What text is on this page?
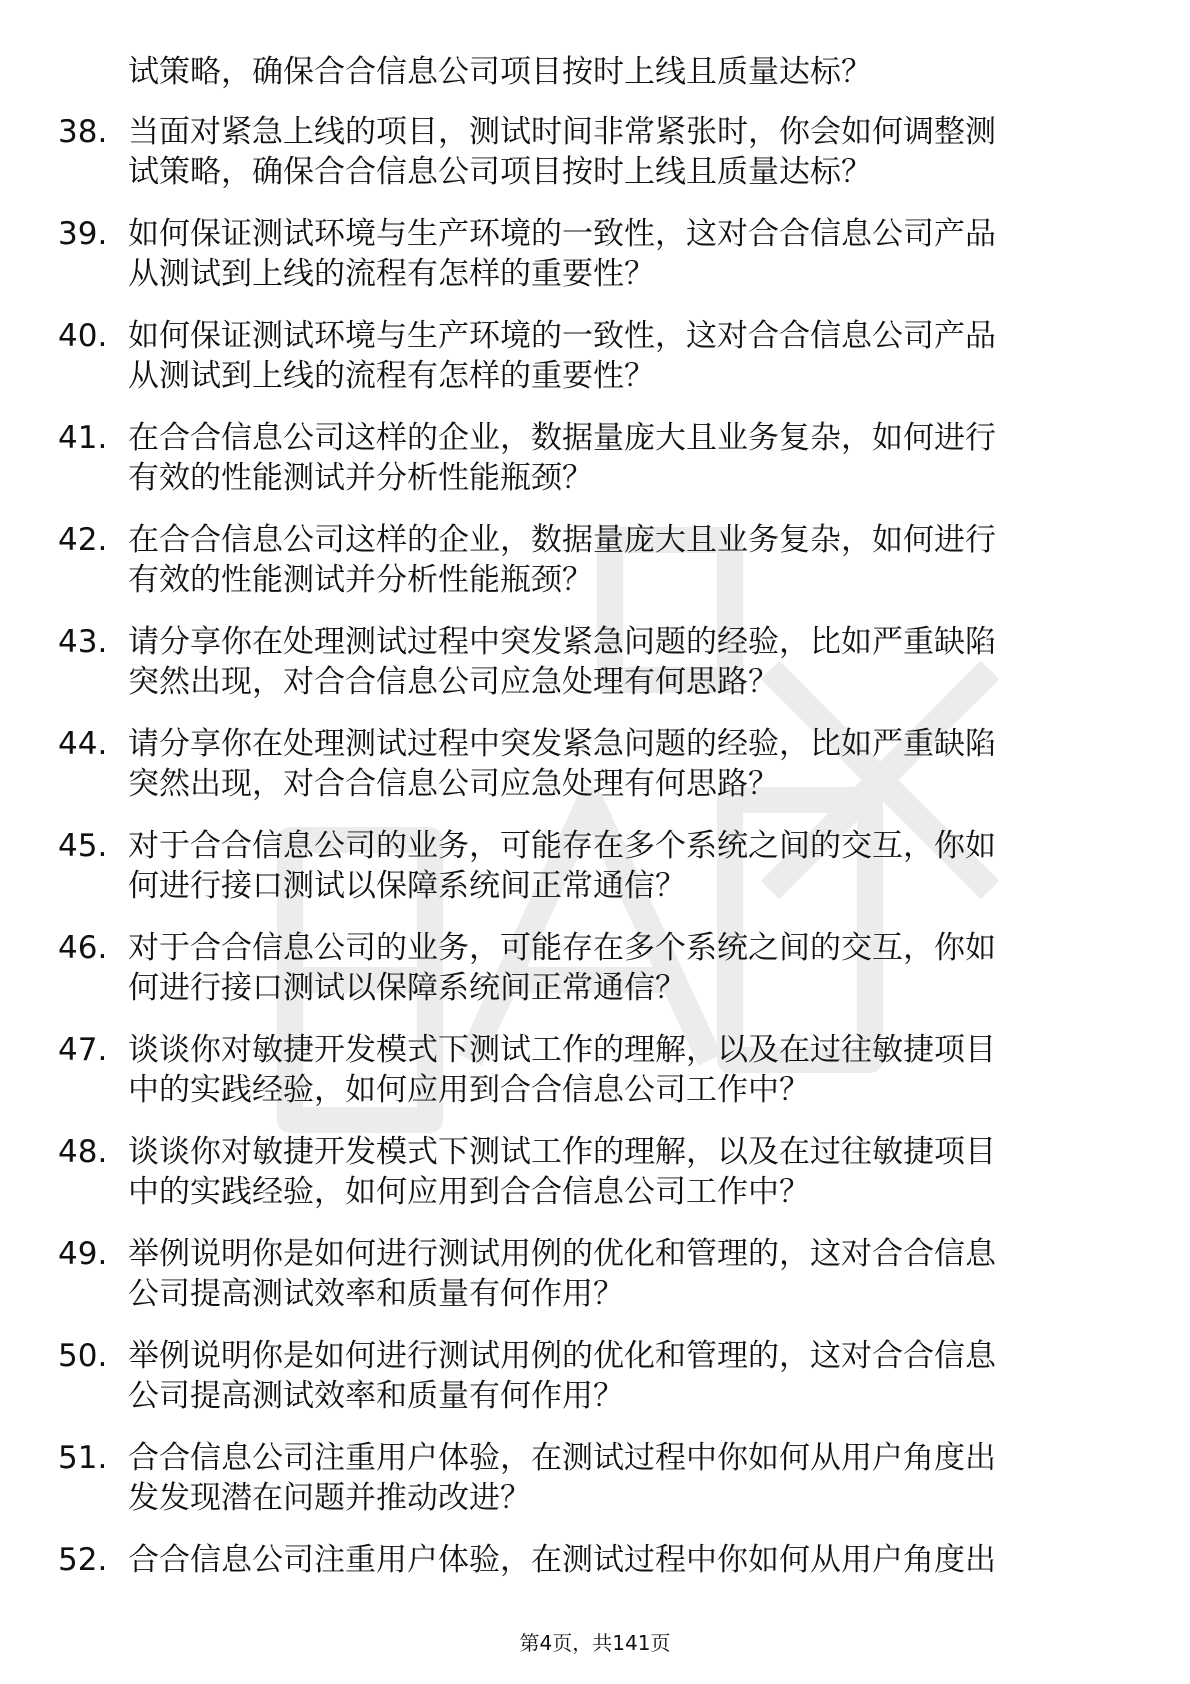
试策略，确保合合信息公司项目按时上线且质量达标？
38. 当面对紧急上线的项目，测试时间非常紧张时，你会如何调整测
试策略，确保合合信息公司项目按时上线且质量达标？
39. 如何保证测试环境与生产环境的一致性，这对合合信息公司产品
从测试到上线的流程有怎样的重要性？
40. 如何保证测试环境与生产环境的一致性，这对合合信息公司产品
从测试到上线的流程有怎样的重要性？
41. 在合合信息公司这样的企业，数据量庞大且业务复杂，如何进行
有效的性能测试并分析性能瓶颈？
42. 在合合信息公司这样的企业，数据量庞大且业务复杂，如何进行
有效的性能测试并分析性能瓶颈？
43. 请分享你在处理测试过程中突发紧急问题的经验，比如严重缺陷
突然出现，对合合信息公司应急处理有何思路？
44. 请分享你在处理测试过程中突发紧急问题的经验，比如严重缺陷
突然出现，对合合信息公司应急处理有何思路？
45. 对于合合信息公司的业务，可能存在多个系统之间的交互，你如
何进行接口测试以保障系统间正常通信？
46. 对于合合信息公司的业务，可能存在多个系统之间的交互，你如
何进行接口测试以保障系统间正常通信？
47. 谈谈你对敏捷开发模式下测试工作的理解，以及在过往敏捷项目
中的实践经验，如何应用到合合信息公司工作中？
48. 谈谈你对敏捷开发模式下测试工作的理解，以及在过往敏捷项目
中的实践经验，如何应用到合合信息公司工作中？
49. 举例说明你是如何进行测试用例的优化和管理的，这对合合信息
公司提高测试效率和质量有何作用？
50. 举例说明你是如何进行测试用例的优化和管理的，这对合合信息
公司提高测试效率和质量有何作用？
51. 合合信息公司注重用户体验，在测试过程中你如何从用户角度出
发发现潜在问题并推动改进？
52. 合合信息公司注重用户体验，在测试过程中你如何从用户角度出
第4页，共141页
